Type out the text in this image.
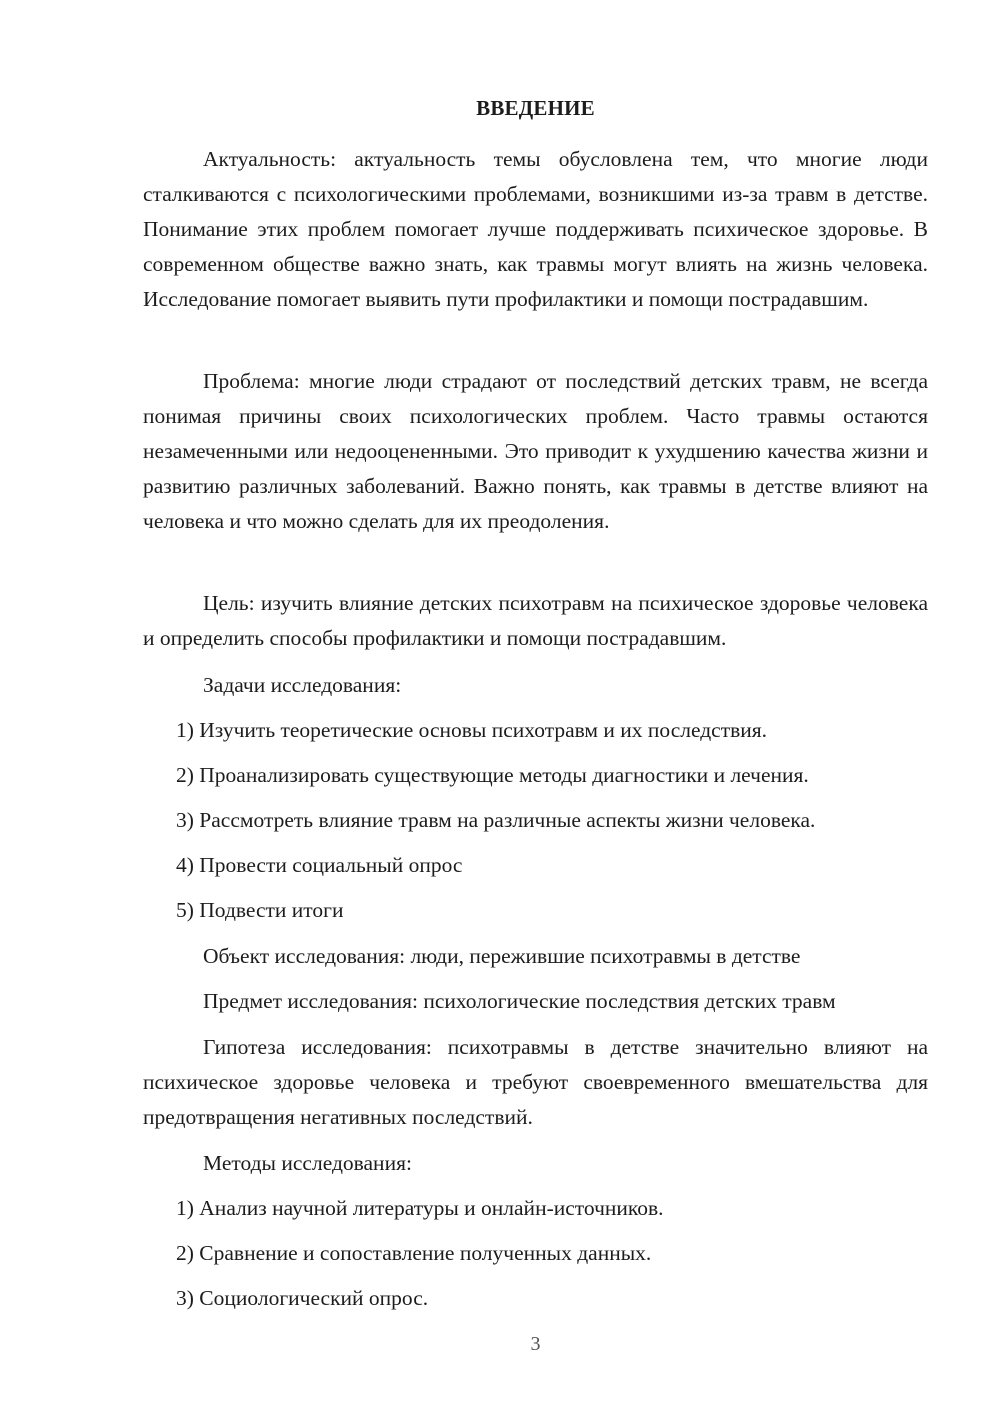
ВВЕДЕНИЕ

Актуальность: актуальность темы обусловлена тем, что многие люди сталкиваются с психологическими проблемами, возникшими из-за травм в детстве. Понимание этих проблем помогает лучше поддерживать психическое здоровье. В современном обществе важно знать, как травмы могут влиять на жизнь человека. Исследование помогает выявить пути профилактики и помощи пострадавшим.

Проблема: многие люди страдают от последствий детских травм, не всегда понимая причины своих психологических проблем. Часто травмы остаются незамеченными или недооцененными. Это приводит к ухудшению качества жизни и развитию различных заболеваний. Важно понять, как травмы в детстве влияют на человека и что можно сделать для их преодоления.

Цель: изучить влияние детских психотравм на психическое здоровье человека и определить способы профилактики и помощи пострадавшим.

Задачи исследования:

1) Изучить теоретические основы психотравм и их последствия.

2) Проанализировать существующие методы диагностики и лечения.

3) Рассмотреть влияние травм на различные аспекты жизни человека.

4) Провести социальный опрос

5) Подвести итоги

Объект исследования: люди, пережившие психотравмы в детстве

Предмет исследования: психологические последствия детских травм

Гипотеза исследования: психотравмы в детстве значительно влияют на психическое здоровье человека и требуют своевременного вмешательства для предотвращения негативных последствий.

Методы исследования:

1) Анализ научной литературы и онлайн-источников.

2) Сравнение и сопоставление полученных данных.

3) Социологический опрос.

3
